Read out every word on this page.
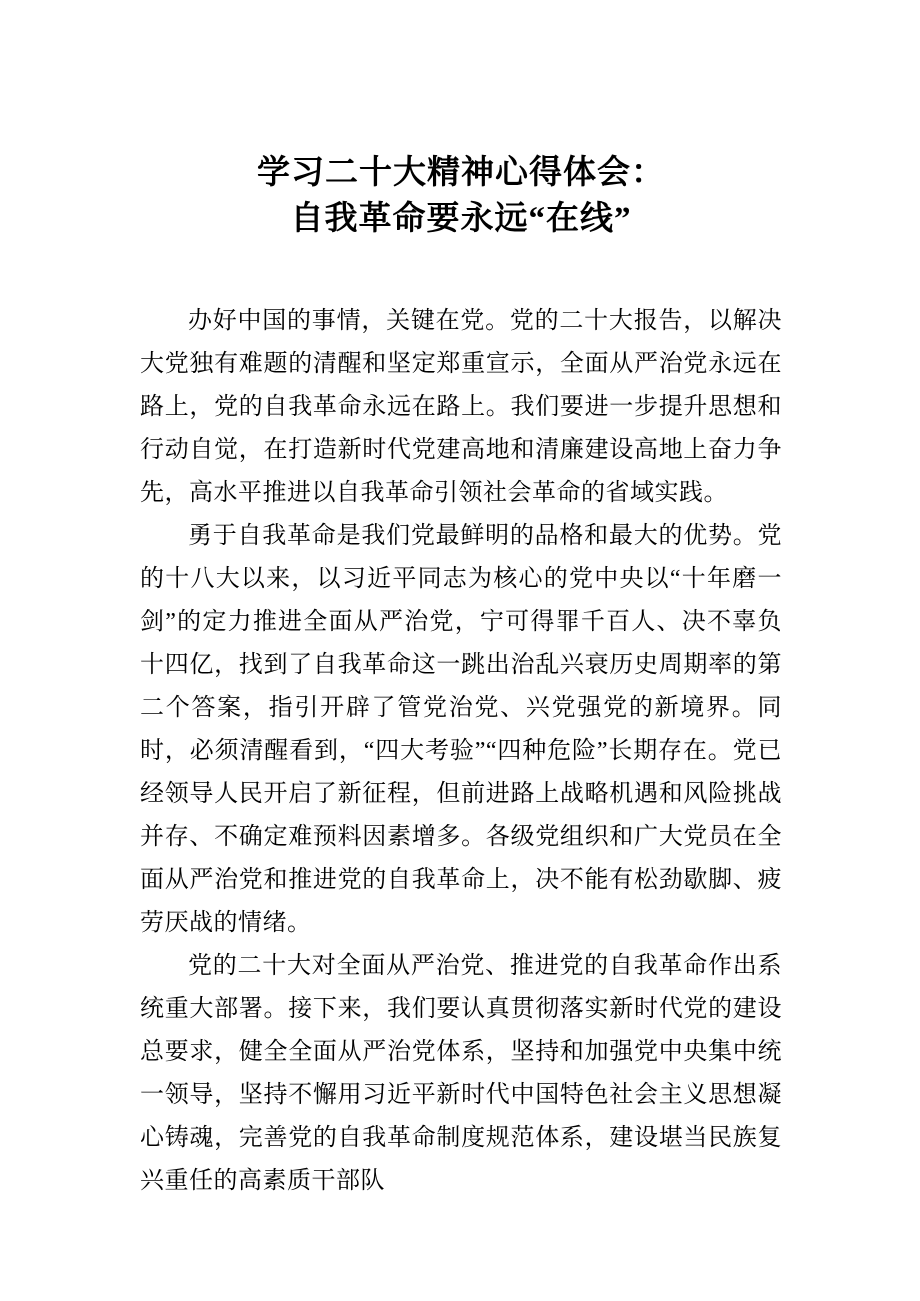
学习二十大精神心得体会：
自我革命要永远“在线”

办好中国的事情，关键在党。党的二十大报告，以解决大党独有难题的清醒和坚定郑重宣示，全面从严治党永远在路上，党的自我革命永远在路上。我们要进一步提升思想和行动自觉，在打造新时代党建高地和清廉建设高地上奋力争先，高水平推进以自我革命引领社会革命的省域实践。

勇于自我革命是我们党最鲜明的品格和最大的优势。党的十八大以来，以习近平同志为核心的党中央以“十年磨一剑”的定力推进全面从严治党，宁可得罪千百人、决不辜负十四亿，找到了自我革命这一跳出治乱兴衰历史周期率的第二个答案，指引开辟了管党治党、兴党强党的新境界。同时，必须清醒看到，“四大考验”“四种危险”长期存在。党已经领导人民开启了新征程，但前进路上战略机遇和风险挑战并存、不确定难预料因素增多。各级党组织和广大党员在全面从严治党和推进党的自我革命上，决不能有松劲歇脚、疲劳厌战的情绪。

党的二十大对全面从严治党、推进党的自我革命作出系统重大部署。接下来，我们要认真贯彻落实新时代党的建设总要求，健全全面从严治党体系，坚持和加强党中央集中统一领导，坚持不懈用习近平新时代中国特色社会主义思想凝心铸魂，完善党的自我革命制度规范体系，建设堪当民族复兴重任的高素质干部队
